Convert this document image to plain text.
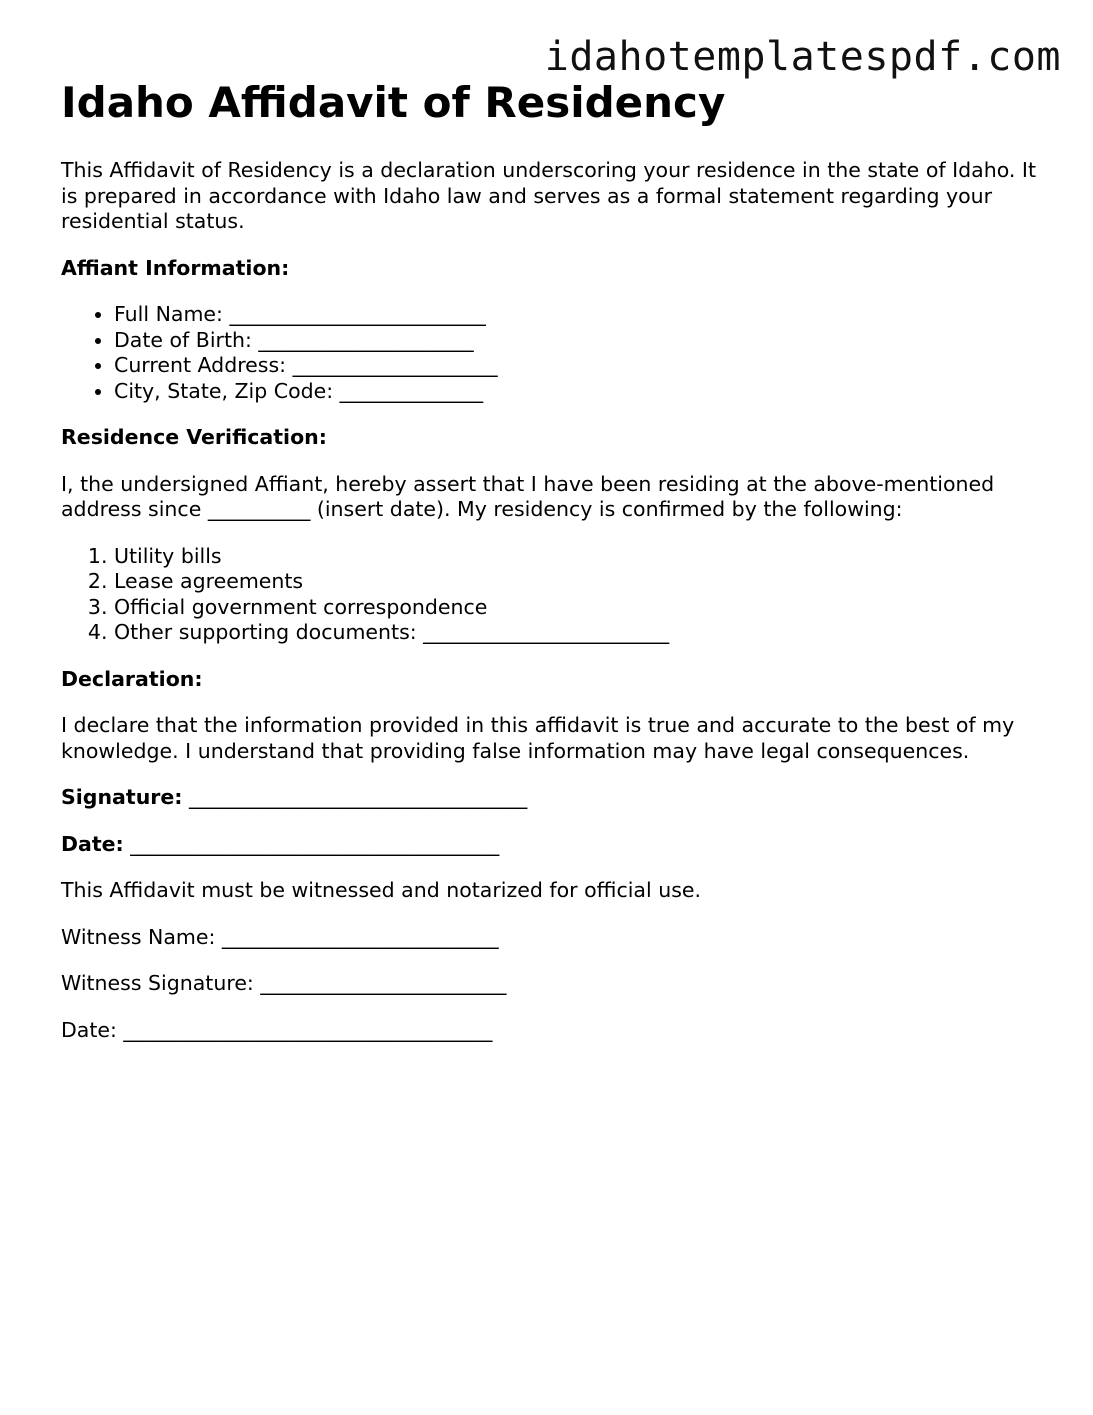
idahotemplatespdf.com
Idaho Affidavit of Residency

This Affidavit of Residency is a declaration underscoring your residence in the state of Idaho. It is prepared in accordance with Idaho law and serves as a formal statement regarding your residential status.

Affiant Information:
• Full Name: _________________________
• Date of Birth: _____________________
• Current Address: ____________________
• City, State, Zip Code: ______________
Residence Verification:

I, the undersigned Affiant, hereby assert that I have been residing at the above-mentioned address since __________ (insert date). My residency is confirmed by the following:

1. Utility bills
2. Lease agreements
3. Official government correspondence
4. Other supporting documents: ________________________
Declaration:

I declare that the information provided in this affidavit is true and accurate to the best of my knowledge. I understand that providing false information may have legal consequences.

Signature: _________________________________

Date: ____________________________________

This Affidavit must be witnessed and notarized for official use.

Witness Name: ___________________________

Witness Signature: ________________________

Date: ____________________________________
